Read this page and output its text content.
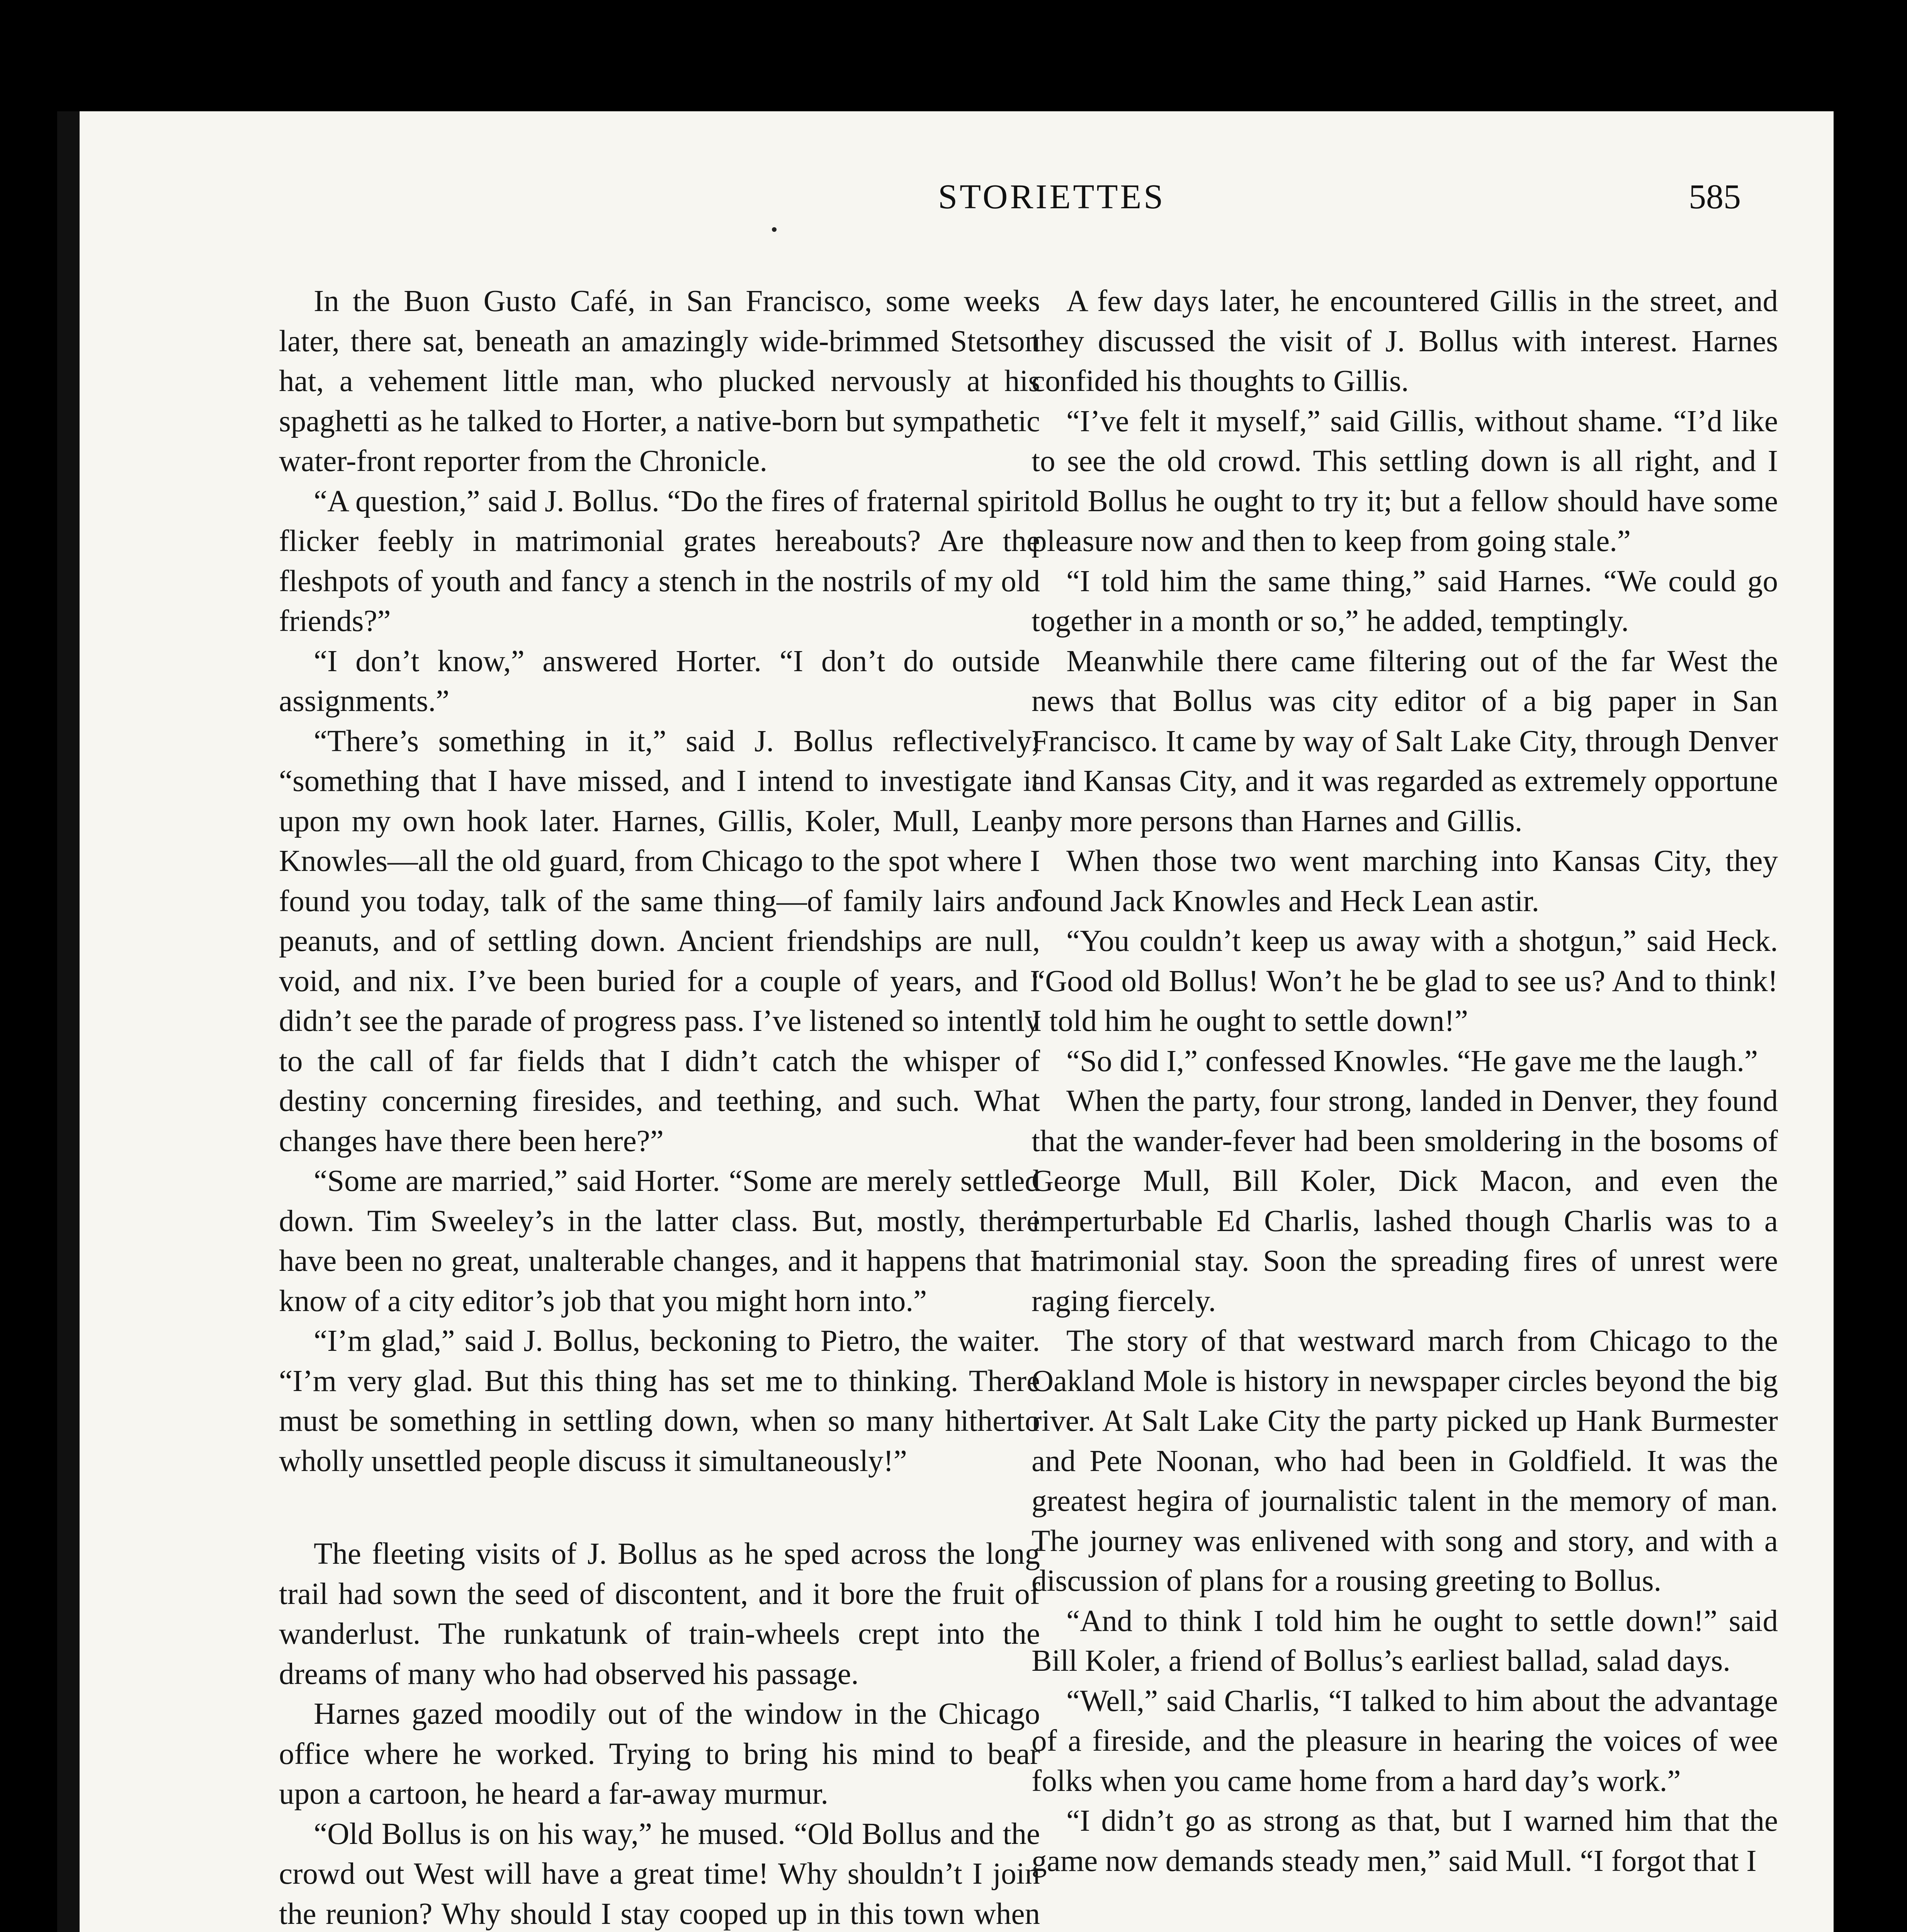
STORIETTES	585

In the Buon Gusto Café, in San Francisco, some weeks later, there sat, beneath an amazingly wide-brimmed Stetson hat, a vehement little man, who plucked nervously at his spaghetti as he talked to Horter, a native-born but sympathetic water-front reporter from the Chronicle.

“A question,” said J. Bollus. “Do the fires of fraternal spirit flicker feebly in matrimonial grates hereabouts? Are the fleshpots of youth and fancy a stench in the nostrils of my old friends?”

“I don’t know,” answered Horter. “I don’t do outside assignments.”

“There’s something in it,” said J. Bollus reflectively; “something that I have missed, and I intend to investigate it upon my own hook later. Harnes, Gillis, Koler, Mull, Lean, Knowles—all the old guard, from Chicago to the spot where I found you today, talk of the same thing—of family lairs and peanuts, and of settling down. Ancient friendships are null, void, and nix. I’ve been buried for a couple of years, and I didn’t see the parade of progress pass. I’ve listened so intently to the call of far fields that I didn’t catch the whisper of destiny concerning firesides, and teething, and such. What changes have there been here?”

“Some are married,” said Horter. “Some are merely settled down. Tim Sweeley’s in the latter class. But, mostly, there have been no great, unalterable changes, and it happens that I know of a city editor’s job that you might horn into.”

“I’m glad,” said J. Bollus, beckoning to Pietro, the waiter. “I’m very glad. But this thing has set me to thinking. There must be something in settling down, when so many hitherto wholly unsettled people discuss it simultaneously!”

The fleeting visits of J. Bollus as he sped across the long trail had sown the seed of discontent, and it bore the fruit of wanderlust. The runkatunk of train-wheels crept into the dreams of many who had observed his passage.

Harnes gazed moodily out of the window in the Chicago office where he worked. Trying to bring his mind to bear upon a cartoon, he heard a far-away murmur.

“Old Bollus is on his way,” he mused. “Old Bollus and the crowd out West will have a great time! Why shouldn’t I join the reunion? Why should I stay cooped up in this town when

A few days later, he encountered Gillis in the street, and they discussed the visit of J. Bollus with interest. Harnes confided his thoughts to Gillis.

“I’ve felt it myself,” said Gillis, without shame. “I’d like to see the old crowd. This settling down is all right, and I told Bollus he ought to try it; but a fellow should have some pleasure now and then to keep from going stale.”

“I told him the same thing,” said Harnes. “We could go together in a month or so,” he added, temptingly.

Meanwhile there came filtering out of the far West the news that Bollus was city editor of a big paper in San Francisco. It came by way of Salt Lake City, through Denver and Kansas City, and it was regarded as extremely opportune by more persons than Harnes and Gillis.

When those two went marching into Kansas City, they found Jack Knowles and Heck Lean astir.

“You couldn’t keep us away with a shotgun,” said Heck. “Good old Bollus! Won’t he be glad to see us? And to think! I told him he ought to settle down!”

“So did I,” confessed Knowles. “He gave me the laugh.”

When the party, four strong, landed in Denver, they found that the wander-fever had been smoldering in the bosoms of George Mull, Bill Koler, Dick Macon, and even the imperturbable Ed Charlis, lashed though Charlis was to a matrimonial stay. Soon the spreading fires of unrest were raging fiercely.

The story of that westward march from Chicago to the Oakland Mole is history in newspaper circles beyond the big river. At Salt Lake City the party picked up Hank Burmester and Pete Noonan, who had been in Goldfield. It was the greatest hegira of journalistic talent in the memory of man. The journey was enlivened with song and story, and with a discussion of plans for a rousing greeting to Bollus.

“And to think I told him he ought to settle down!” said Bill Koler, a friend of Bollus’s earliest ballad, salad days.

“Well,” said Charlis, “I talked to him about the advantage of a fireside, and the pleasure in hearing the voices of wee folks when you came home from a hard day’s work.”

“I didn’t go as strong as that, but I warned him that the game now demands steady men,” said Mull. “I forgot that I
